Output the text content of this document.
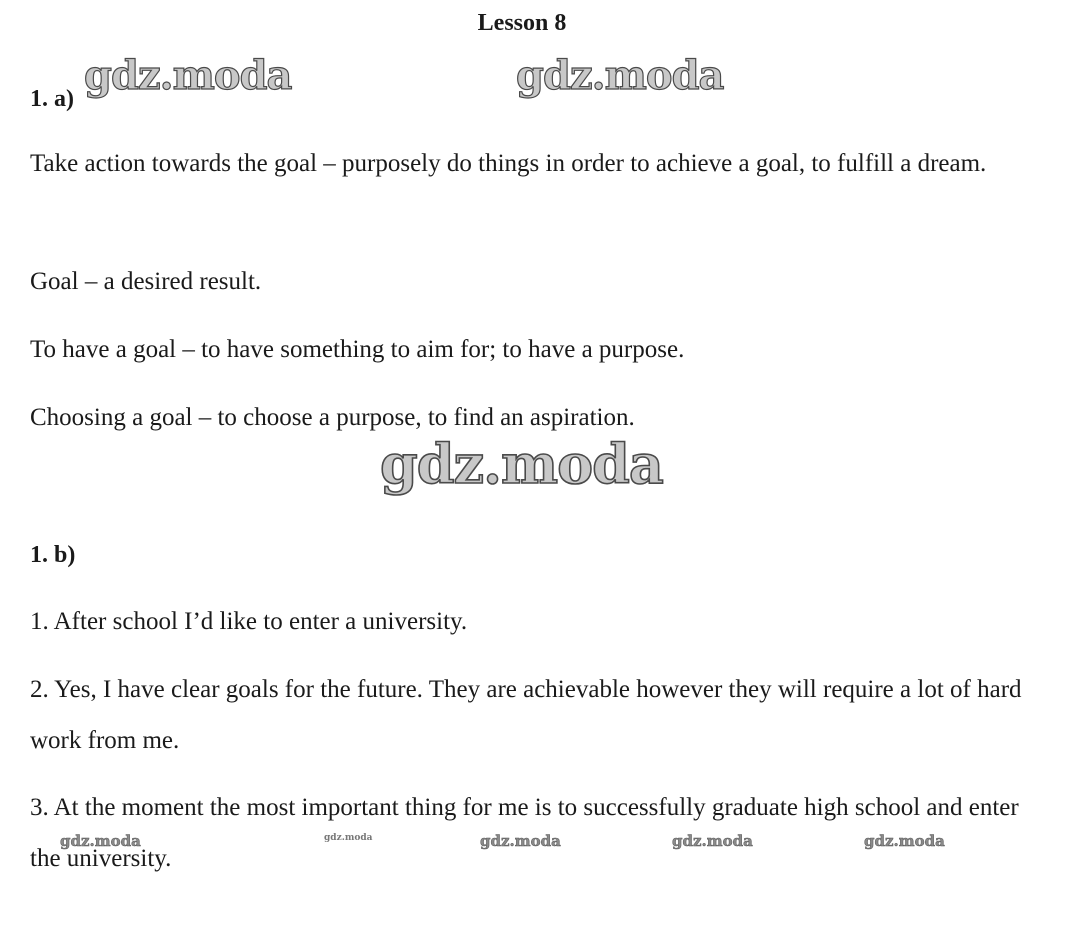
Lesson 8
1. a)

Take action towards the goal – purposely do things in order to achieve a goal, to fulfill a dream.

Goal – a desired result.

To have a goal – to have something to aim for; to have a purpose.

Choosing a goal – to choose a purpose, to find an aspiration.

1. b)

1. After school I’d like to enter a university.

2. Yes, I have clear goals for the future. They are achievable however they will require a lot of hard work from me.

3. At the moment the most important thing for me is to successfully graduate high school and enter the university.

gdz.moda	gdz.moda
gdz.moda
gdz.moda	gdz.moda	gdz.moda	gdz.moda	gdz.moda
